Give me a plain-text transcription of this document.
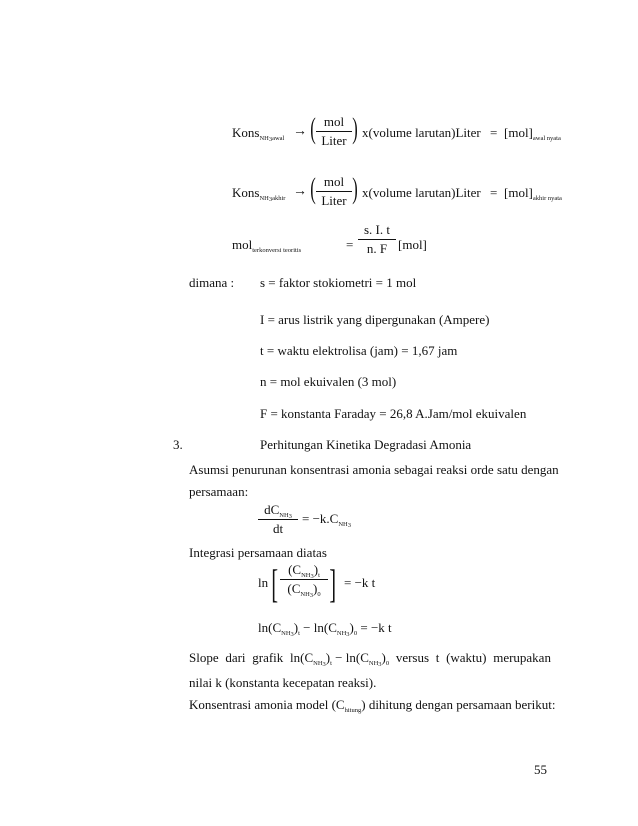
Kons$_{NH3awal}$ → ( mol
Liter ) x(volume larutan)Liter = $[mol]_{awal nyata}$
Kons$_{NH3akhir}$ → ( mol
Liter ) x(volume larutan)Liter = $[mol]_{akhir nyata}$
mol$_{terkonversi teoritis}$	=
s. I. t
n. F [mol]
dimana : s = faktor stokiometri = 1 mol
I = arus listrik yang dipergunakan (Ampere)
t = waktu elektrolisa (jam) = 1,67 jam
n = mol ekuivalen (3 mol)
F = konstanta Faraday = 26,8 A.Jam/mol ekuivalen
3.	Perhitungan Kinetika Degradasi Amonia
Asumsi penurunan konsentrasi amonia sebagai reaksi orde satu dengan
persamaan:
$dC_{NH3}$
dt
= $-k.C_{NH3}$
Integrasi persamaan diatas
ln [ $(C_{NH3})_t$
$(C_{NH3})_0$ ] = −k t
$\ln(C_{NH3})_t - \ln(C_{NH3})_0 = -k$ t
Slope dari grafik $\ln(C_{NH3})_t - \ln(C_{NH3})_0$ versus t (waktu) merupakan
nilai k (konstanta kecepatan reaksi).
Konsentrasi amonia model $(C_{hitung})$ dihitung dengan persamaan berikut:
55
